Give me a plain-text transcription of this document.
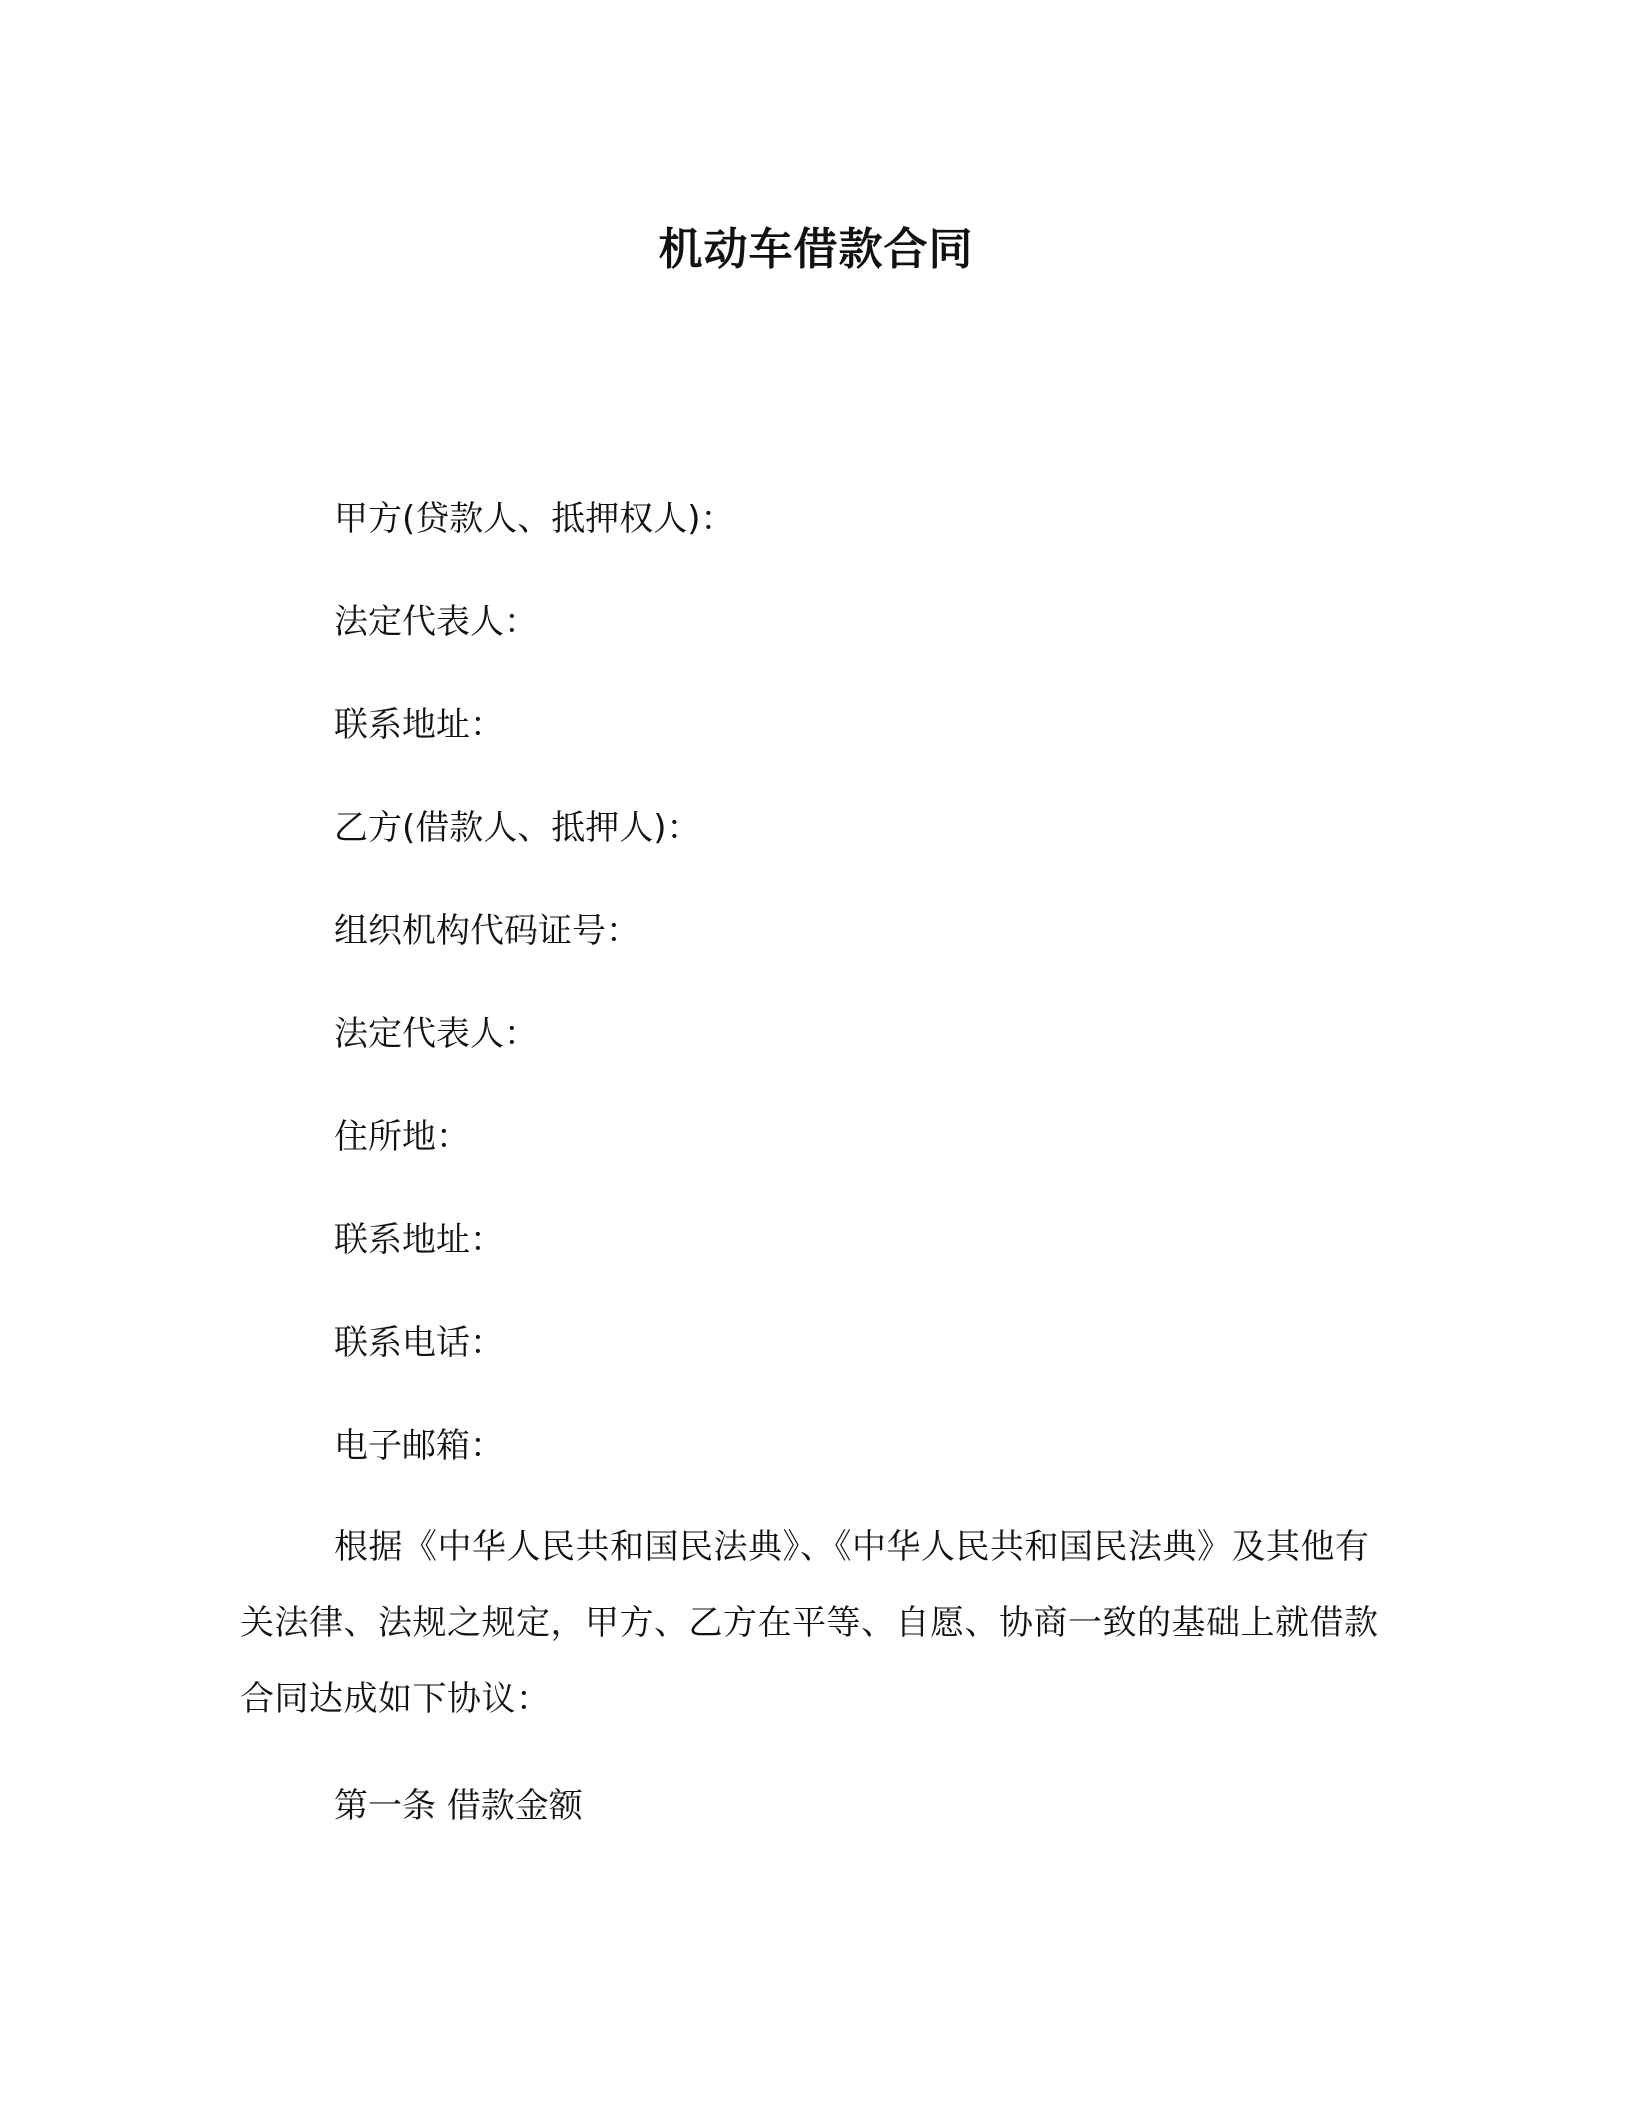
机动车借款合同
甲方(贷款人、抵押权人)：
法定代表人：
联系地址：
乙方(借款人、抵押人)：
组织机构代码证号：
法定代表人：
住所地：
联系地址：
联系电话：
电子邮箱：
根据《中华人民共和国民法典》、《中华人民共和国民法典》及其他有关法律、法规之规定，甲方、乙方在平等、自愿、协商一致的基础上就借款合同达成如下协议：
第一条 借款金额
